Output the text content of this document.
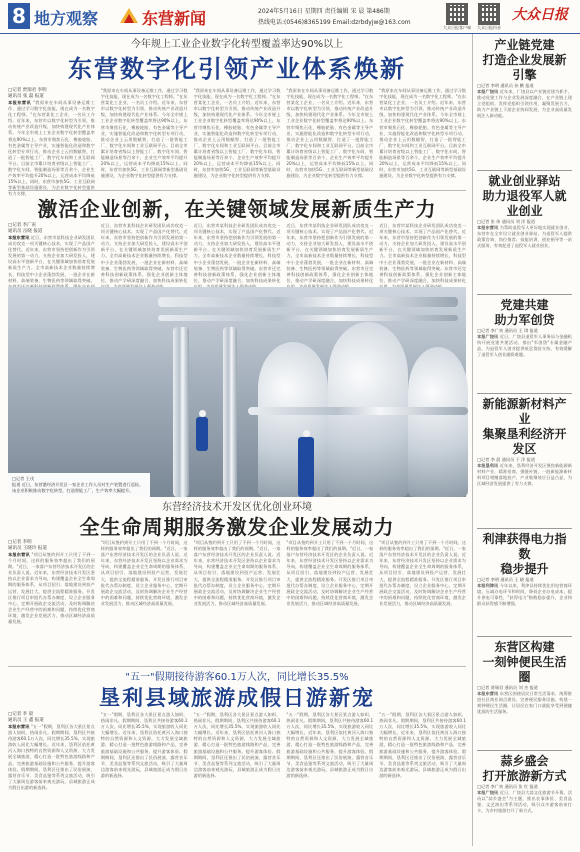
8 地方观察	东营新闻	2024年5月16日 星期四 责任编辑 宋 晨 第486期
热线电话:(0546)8365199 Email:dzrbdyjw@163.com
大众日报客户端	大众日报抖音
大众日报
今年规上工业企业数字化转型覆盖率达90%以上
东营数字化引领产业体系焕新
□记者 贾瑞君 李明
通讯员 张 磊 报道
本报东营讯 "我原来在车间从事设备运维工作，通过学习数字化技能，现在成为一名数字化工程师。"在东营某化工企业，一名员工介绍。近年来，东营市以数字化转型为引领，推动传统产业改造升级，加快构建现代化产业体系。今年全市规上工业企业数字化转型覆盖率将达90%以上。东营市聚焦石化、橡胶轮胎、有色金属等主导产业，实施智能化改造和数字化转型专项行动，推动企业上云用数赋智，打造了一批智能工厂、数字化车间和工业互联网平台。目前全市累计培育省级以上智能工厂、数字化车间、智能制造场景等百余个，企业生产效率平均提升20%以上，运营成本平均降低15%以上。同时，东营市加快5G、工业互联网等新型基础设施建设，为企业数字化转型提供有力支撑。
"我原来在车间从事设备运维工作，通过学习数字化技能，现在成为一名数字化工程师。"在东营某化工企业，一名员工介绍。近年来，东营市以数字化转型为引领，推动传统产业改造升级，加快构建现代化产业体系。今年全市规上工业企业数字化转型覆盖率将达90%以上。东营市聚焦石化、橡胶轮胎、有色金属等主导产业，实施智能化改造和数字化转型专项行动，推动企业上云用数赋智，打造了一批智能工厂、数字化车间和工业互联网平台。目前全市累计培育省级以上智能工厂、数字化车间、智能制造场景等百余个，企业生产效率平均提升20%以上，运营成本平均降低15%以上。同时，东营市加快5G、工业互联网等新型基础设施建设，为企业数字化转型提供有力支撑。
"我原来在车间从事设备运维工作，通过学习数字化技能，现在成为一名数字化工程师。"在东营某化工企业，一名员工介绍。近年来，东营市以数字化转型为引领，推动传统产业改造升级，加快构建现代化产业体系。今年全市规上工业企业数字化转型覆盖率将达90%以上。东营市聚焦石化、橡胶轮胎、有色金属等主导产业，实施智能化改造和数字化转型专项行动，推动企业上云用数赋智，打造了一批智能工厂、数字化车间和工业互联网平台。目前全市累计培育省级以上智能工厂、数字化车间、智能制造场景等百余个，企业生产效率平均提升20%以上，运营成本平均降低15%以上。同时，东营市加快5G、工业互联网等新型基础设施建设，为企业数字化转型提供有力支撑。
"我原来在车间从事设备运维工作，通过学习数字化技能，现在成为一名数字化工程师。"在东营某化工企业，一名员工介绍。近年来，东营市以数字化转型为引领，推动传统产业改造升级，加快构建现代化产业体系。今年全市规上工业企业数字化转型覆盖率将达90%以上。东营市聚焦石化、橡胶轮胎、有色金属等主导产业，实施智能化改造和数字化转型专项行动，推动企业上云用数赋智，打造了一批智能工厂、数字化车间和工业互联网平台。目前全市累计培育省级以上智能工厂、数字化车间、智能制造场景等百余个，企业生产效率平均提升20%以上，运营成本平均降低15%以上。同时，东营市加快5G、工业互联网等新型基础设施建设，为企业数字化转型提供有力支撑。
"我原来在车间从事设备运维工作，通过学习数字化技能，现在成为一名数字化工程师。"在东营某化工企业，一名员工介绍。近年来，东营市以数字化转型为引领，推动传统产业改造升级，加快构建现代化产业体系。今年全市规上工业企业数字化转型覆盖率将达90%以上。东营市聚焦石化、橡胶轮胎、有色金属等主导产业，实施智能化改造和数字化转型专项行动，推动企业上云用数赋智，打造了一批智能工厂、数字化车间和工业互联网平台。目前全市累计培育省级以上智能工厂、数字化车间、智能制造场景等百余个，企业生产效率平均提升20%以上，运营成本平均降低15%以上。同时，东营市加快5G、工业互联网等新型基础设施建设，为企业数字化转型提供有力支撑。
激活企业创新，在关键领域发展新质生产力
□记者 李广寅
通讯员 岳晓 报道
本报东营讯 近日，东营市某科技企业研发团队成功攻克一项关键核心技术，实现了产品国产化替代。近年来，东营市坚持把创新作为引领发展的第一动力，支持企业加大研发投入，建设高水平创新平台，在关键领域加快培育发展新质生产力。全市高新技术企业数量持续增长，科技型中小企业蓬勃发展，一批企业在新材料、高端装备、生物医药等领域取得突破。
近日，东营市某科技企业研发团队成功攻克一项关键核心技术，实现了产品国产化替代。近年来，东营市坚持把创新作为引领发展的第一动力，支持企业加大研发投入，建设高水平创新平台，在关键领域加快培育发展新质生产力。全市高新技术企业数量持续增长，科技型中小企业蓬勃发展，一批企业在新材料、高端装备、生物医药等领域取得突破。东营市还完善科技创新政策体系，强化企业创新主体地位，推动产学研深度融合，加快科技成果转化
近日，东营市某科技企业研发团队成功攻克一项关键核心技术，实现了产品国产化替代。近年来，东营市坚持把创新作为引领发展的第一动力，支持企业加大研发投入，建设高水平创新平台，在关键领域加快培育发展新质生产力。全市高新技术企业数量持续增长，科技型中小企业蓬勃发展，一批企业在新材料、高端装备、生物医药等领域取得突破。东营市还完善科技创新政策体系，强化企业创新主体地位，推动产学研深度融合，加快科技成果转化
近日，东营市某科技企业研发团队成功攻克一项关键核心技术，实现了产品国产化替代。近年来，东营市坚持把创新作为引领发展的第一动力，支持企业加大研发投入，建设高水平创新平台，在关键领域加快培育发展新质生产力。全市高新技术企业数量持续增长，科技型中小企业蓬勃发展，一批企业在新材料、高端装备、生物医药等领域取得突破。东营市还完善科技创新政策体系，强化企业创新主体地位，推动产学研深度融合，加快科技成果转化
近日，东营市某科技企业研发团队成功攻克一项关键核心技术，实现了产品国产化替代。近年来，东营市坚持把创新作为引领发展的第一动力，支持企业加大研发投入，建设高水平创新平台，在关键领域加快培育发展新质生产力。全市高新技术企业数量持续增长，科技型中小企业蓬勃发展，一批企业在新材料、高端装备、生物医药等领域取得突破。东营市还完善科技创新政策体系，强化企业创新主体地位，推动产学研深度融合，加快科技成果转化
□记者 王戌
报道 近日，东营港经济开发区一家企业工作人员对生产装置进行巡检。该企业积极推动数字化转型，打造智能工厂，生产效率大幅提升。
东营经济技术开发区优化创业环境
全生命周期服务激发企业发展动力
□记者 李明
通讯员 王晓玲 报道
本报东营讯 "项目从签约到开工只用了不到一个月时间，这样的服务效率超出了我们的预期。"近日，一家落户东营经济技术开发区的企业负责人说。近年来，东营经济技术开发区坚持以企业需求为导向，构建覆盖企业全生命周期的服务体系，从项目招引、落地建设到投产运营、发展壮大，提供全流程精准服务。开发区推行项目审批代办帮办制度，设立企业服务中心，定期开展政企交流活动，及时协调解决企业生产经营中的困难和问题，持续优化营商环境，激发企业发展活力，推动区域经济高质量发展。
"项目从签约到开工只用了不到一个月时间，这样的服务效率超出了我们的预期。"近日，一家落户东营经济技术开发区的企业负责人说。近年来，东营经济技术开发区坚持以企业需求为导向，构建覆盖企业全生命周期的服务体系，从项目招引、落地建设到投产运营、发展壮大，提供全流程精准服务。开发区推行项目审批代办帮办制度，设立企业服务中心，定期开展政企交流活动，及时协调解决企业生产经营中的困难和问题，持续优化营商环境，激发企业发展活力，推动区域经济高质量发展。
"项目从签约到开工只用了不到一个月时间，这样的服务效率超出了我们的预期。"近日，一家落户东营经济技术开发区的企业负责人说。近年来，东营经济技术开发区坚持以企业需求为导向，构建覆盖企业全生命周期的服务体系，从项目招引、落地建设到投产运营、发展壮大，提供全流程精准服务。开发区推行项目审批代办帮办制度，设立企业服务中心，定期开展政企交流活动，及时协调解决企业生产经营中的困难和问题，持续优化营商环境，激发企业发展活力，推动区域经济高质量发展。
"项目从签约到开工只用了不到一个月时间，这样的服务效率超出了我们的预期。"近日，一家落户东营经济技术开发区的企业负责人说。近年来，东营经济技术开发区坚持以企业需求为导向，构建覆盖企业全生命周期的服务体系，从项目招引、落地建设到投产运营、发展壮大，提供全流程精准服务。开发区推行项目审批代办帮办制度，设立企业服务中心，定期开展政企交流活动，及时协调解决企业生产经营中的困难和问题，持续优化营商环境，激发企业发展活力，推动区域经济高质量发展。
"项目从签约到开工只用了不到一个月时间，这样的服务效率超出了我们的预期。"近日，一家落户东营经济技术开发区的企业负责人说。近年来，东营经济技术开发区坚持以企业需求为导向，构建覆盖企业全生命周期的服务体系，从项目招引、落地建设到投产运营、发展壮大，提供全流程精准服务。开发区推行项目审批代办帮办制度，设立企业服务中心，定期开展政企交流活动，及时协调解决企业生产经营中的困难和问题，持续优化营商环境，激发企业发展活力，推动区域经济高质量发展。
"五一"假期接待游客60.1万人次，同比增长35.5%
垦利县域旅游成假日游新宠
□记者 李 晨
通讯员 王 鑫 报道
本报东营讯 "五一"假期，垦利区各大景区景点游人如织，热闹非凡。假期期间，垦利区共接待游客60.1万人次，同比增长35.5%，实现旅游收入同比大幅增长。近年来，垦利区依托黄河入海口独特的自然资源和人文资源，大力发展全域旅游，精心打造一批特色旅游线路和产品，完善旅游基础设施和公共服务，提升游客体验。假期期间，垦利区还推出了民俗展演、露营音乐节、美食品鉴等系列文旅活动，吸引了大量周边游客前来观光游玩，县域旅游正成为假日出游的新选择。
"五一"假期，垦利区各大景区景点游人如织，热闹非凡。假期期间，垦利区共接待游客60.1万人次，同比增长35.5%，实现旅游收入同比大幅增长。近年来，垦利区依托黄河入海口独特的自然资源和人文资源，大力发展全域旅游，精心打造一批特色旅游线路和产品，完善旅游基础设施和公共服务，提升游客体验。假期期间，垦利区还推出了民俗展演、露营音乐节、美食品鉴等系列文旅活动，吸引了大量周边游客前来观光游玩，县域旅游正成为假日出游的新选择。
"五一"假期，垦利区各大景区景点游人如织，热闹非凡。假期期间，垦利区共接待游客60.1万人次，同比增长35.5%，实现旅游收入同比大幅增长。近年来，垦利区依托黄河入海口独特的自然资源和人文资源，大力发展全域旅游，精心打造一批特色旅游线路和产品，完善旅游基础设施和公共服务，提升游客体验。假期期间，垦利区还推出了民俗展演、露营音乐节、美食品鉴等系列文旅活动，吸引了大量周边游客前来观光游玩，县域旅游正成为假日出游的新选择。
"五一"假期，垦利区各大景区景点游人如织，热闹非凡。假期期间，垦利区共接待游客60.1万人次，同比增长35.5%，实现旅游收入同比大幅增长。近年来，垦利区依托黄河入海口独特的自然资源和人文资源，大力发展全域旅游，精心打造一批特色旅游线路和产品，完善旅游基础设施和公共服务，提升游客体验。假期期间，垦利区还推出了民俗展演、露营音乐节、美食品鉴等系列文旅活动，吸引了大量周边游客前来观光游玩，县域旅游正成为假日出游的新选择。
"五一"假期，垦利区各大景区景点游人如织，热闹非凡。假期期间，垦利区共接待游客60.1万人次，同比增长35.5%，实现旅游收入同比大幅增长。近年来，垦利区依托黄河入海口独特的自然资源和人文资源，大力发展全域旅游，精心打造一批特色旅游线路和产品，完善旅游基础设施和公共服务，提升游客体验。假期期间，垦利区还推出了民俗展演、露营音乐节、美食品鉴等系列文旅活动，吸引了大量周边游客前来观光游玩，县域旅游正成为假日出游的新选择。
产业链党建
打造企业发展新引擎
□记者 李明 通讯员 孙 鹏 报道
本报广饶讯 近年来，广饶县以产业链党建为抓手，推动党建工作与企业发展深度融合，在产业链上建立党组织，发挥党组织引领作用，凝聚发展合力，助力产业链上下游企业协同发展，为企业高质量发展注入新动能。
就业创业驿站
助力退役军人就业创业
□记者 张 伟 通讯员 刘 洋 报道
本报东营讯 为帮助退役军人更好地实现就业创业，东营市在全市设立就业创业驿站，为退役军人提供政策咨询、岗位推荐、技能培训、创业指导等一站式服务，有效促进了退役军人就业创业。
党建共建
助力军创贷
□记者 李广寅 通讯员 王 琪 报道
本报广饶讯 近日，广饶县退役军人事务局与金融机构开展党建共建活动，推出"军创贷"专属金融产品，为退役军人创业提供低息贷款支持，有效缓解了退役军人创业融资难题。
新能源新材料产业
集聚垦利经济开发区
□记者 李 晨 通讯员 于 洋 报道
本报垦利讯 近年来，垦利经济开发区聚焦新能源新材料产业，精准招商、强链补链，一批新能源新材料项目相继落地投产，产业集聚效应日益凸显，为区域经济发展提供了有力支撑。
利津获得电力指数
稳步提升
□记者 李明 通讯员 王 晓 报道
本报利津讯 今年以来，利津县持续优化用电营商环境，压减办电环节和时间，降低企业办电成本，提升供电可靠性，"获得电力"指数稳步提升，企业和群众获得感不断增强。
东营区构建
一刻钟便民生活圈
□记者 贾瑞君 通讯员 刘 杰 报道
本报东营讯 东营区围绕居民日常生活需求，统筹推进社区商业网点建设，完善便民服务设施，构建一刻钟便民生活圈，让居民在家门口就能享受到便捷优质的生活服务。
蒜乡盛会
打开旅游新方式
□记者 李广寅 通讯员 张 红 报道
本报广饶讯 近日，广饶县大蒜文化旅游节开幕，活动以"蒜乡盛会"为主题，推出农事体验、美食品鉴、文艺演出等系列活动，吸引众多游客前来打卡，为乡村旅游打开了新方式。
